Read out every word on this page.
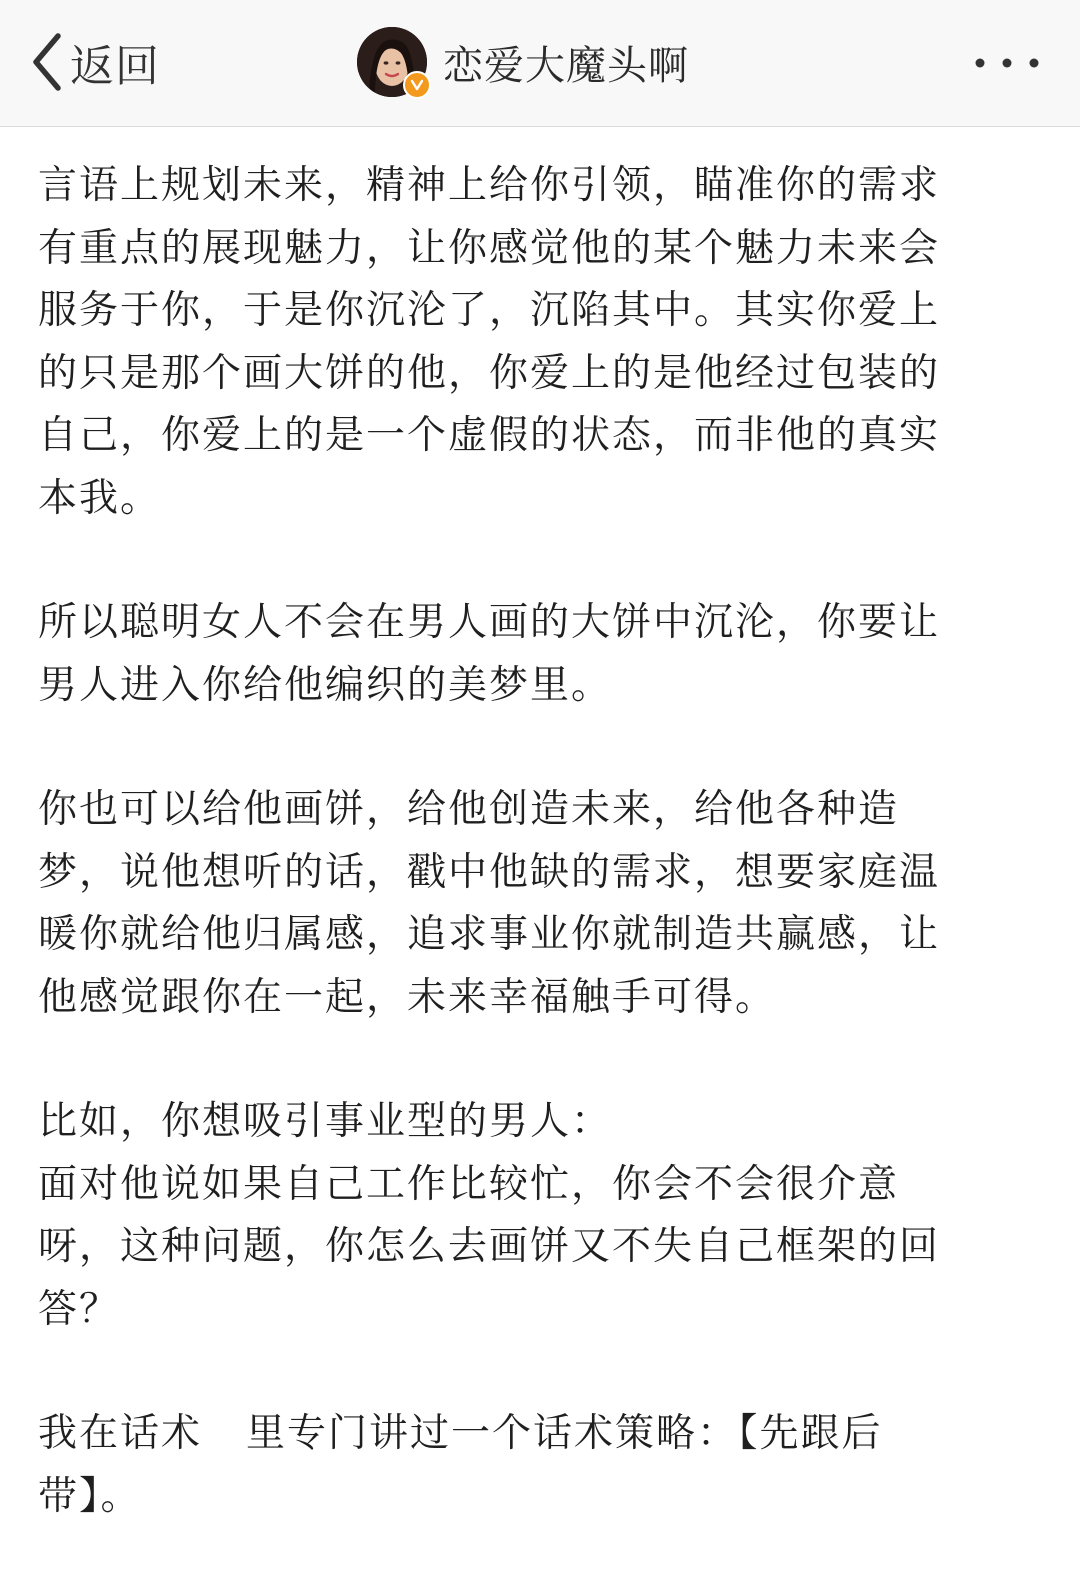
返回	恋爱大魔头啊

言语上规划未来，精神上给你引领，瞄准你的需求
有重点的展现魅力，让你感觉他的某个魅力未来会
服务于你，于是你沉沦了，沉陷其中。其实你爱上
的只是那个画大饼的他，你爱上的是他经过包装的
自己，你爱上的是一个虚假的状态，而非他的真实
本我。

所以聪明女人不会在男人画的大饼中沉沦，你要让
男人进入你给他编织的美梦里。

你也可以给他画饼，给他创造未来，给他各种造
梦，说他想听的话，戳中他缺的需求，想要家庭温
暖你就给他归属感，追求事业你就制造共赢感，让
他感觉跟你在一起，未来幸福触手可得。

比如，你想吸引事业型的男人：
面对他说如果自己工作比较忙，你会不会很介意
呀，这种问题，你怎么去画饼又不失自己框架的回
答？

我在话术 里专门讲过一个话术策略：【先跟后
带】。
